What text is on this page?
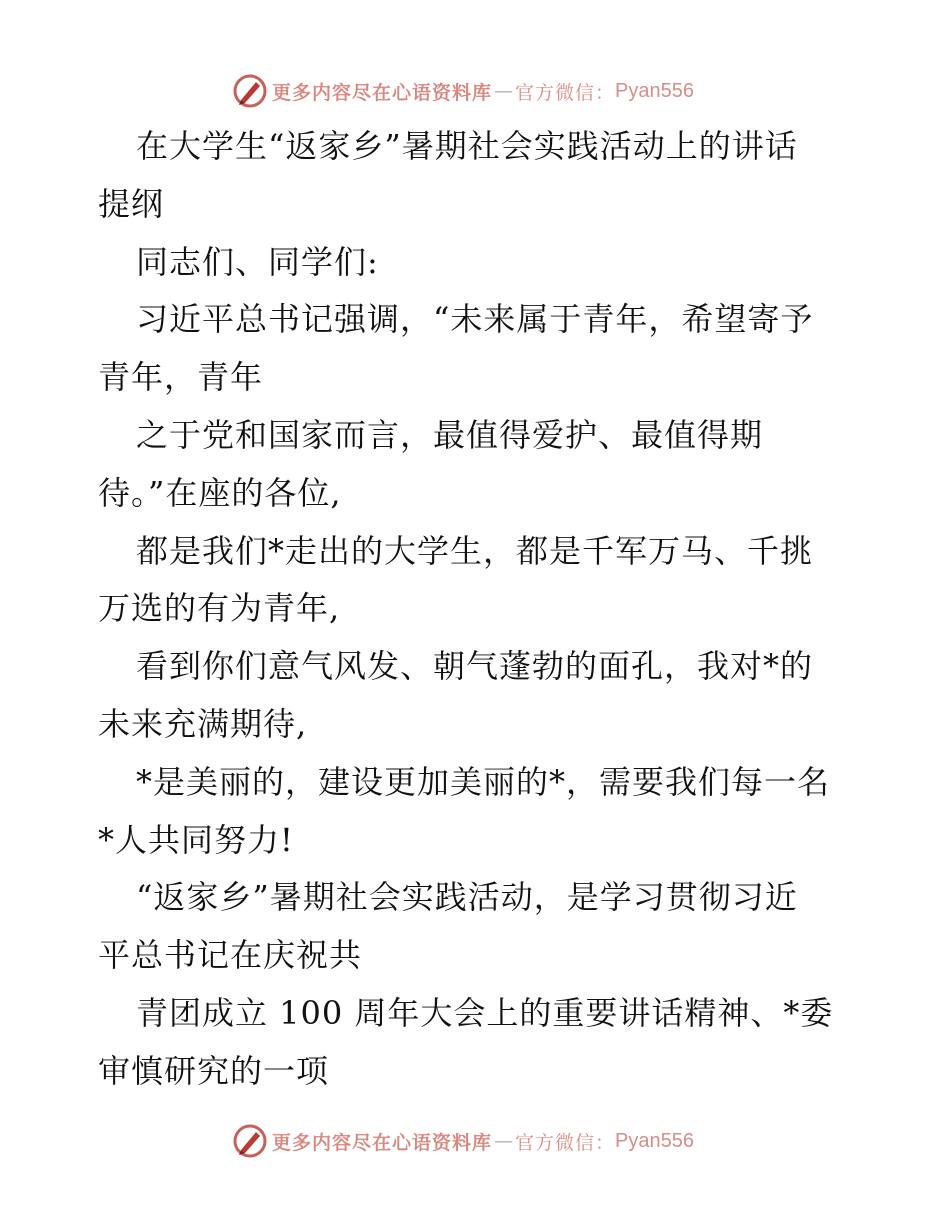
更多内容尽在心语资料库 — 官方微信： Pyan556
在大学生“返家乡”暑期社会实践活动上的讲话
提纲
同志们、同学们:
习近平总书记强调，“未来属于青年，希望寄予
青年，青年
之于党和国家而言，最值得爱护、最值得期
待。”在座的各位,
都是我们*走出的大学生，都是千军万马、千挑
万选的有为青年,
看到你们意气风发、朝气蓬勃的面孔，我对*的
未来充满期待,
*是美丽的，建设更加美丽的*，需要我们每一名
*人共同努力!
“返家乡”暑期社会实践活动，是学习贯彻习近
平总书记在庆祝共
青团成立 100 周年大会上的重要讲话精神、*委
审慎研究的一项
更多内容尽在心语资料库 — 官方微信： Pyan556
